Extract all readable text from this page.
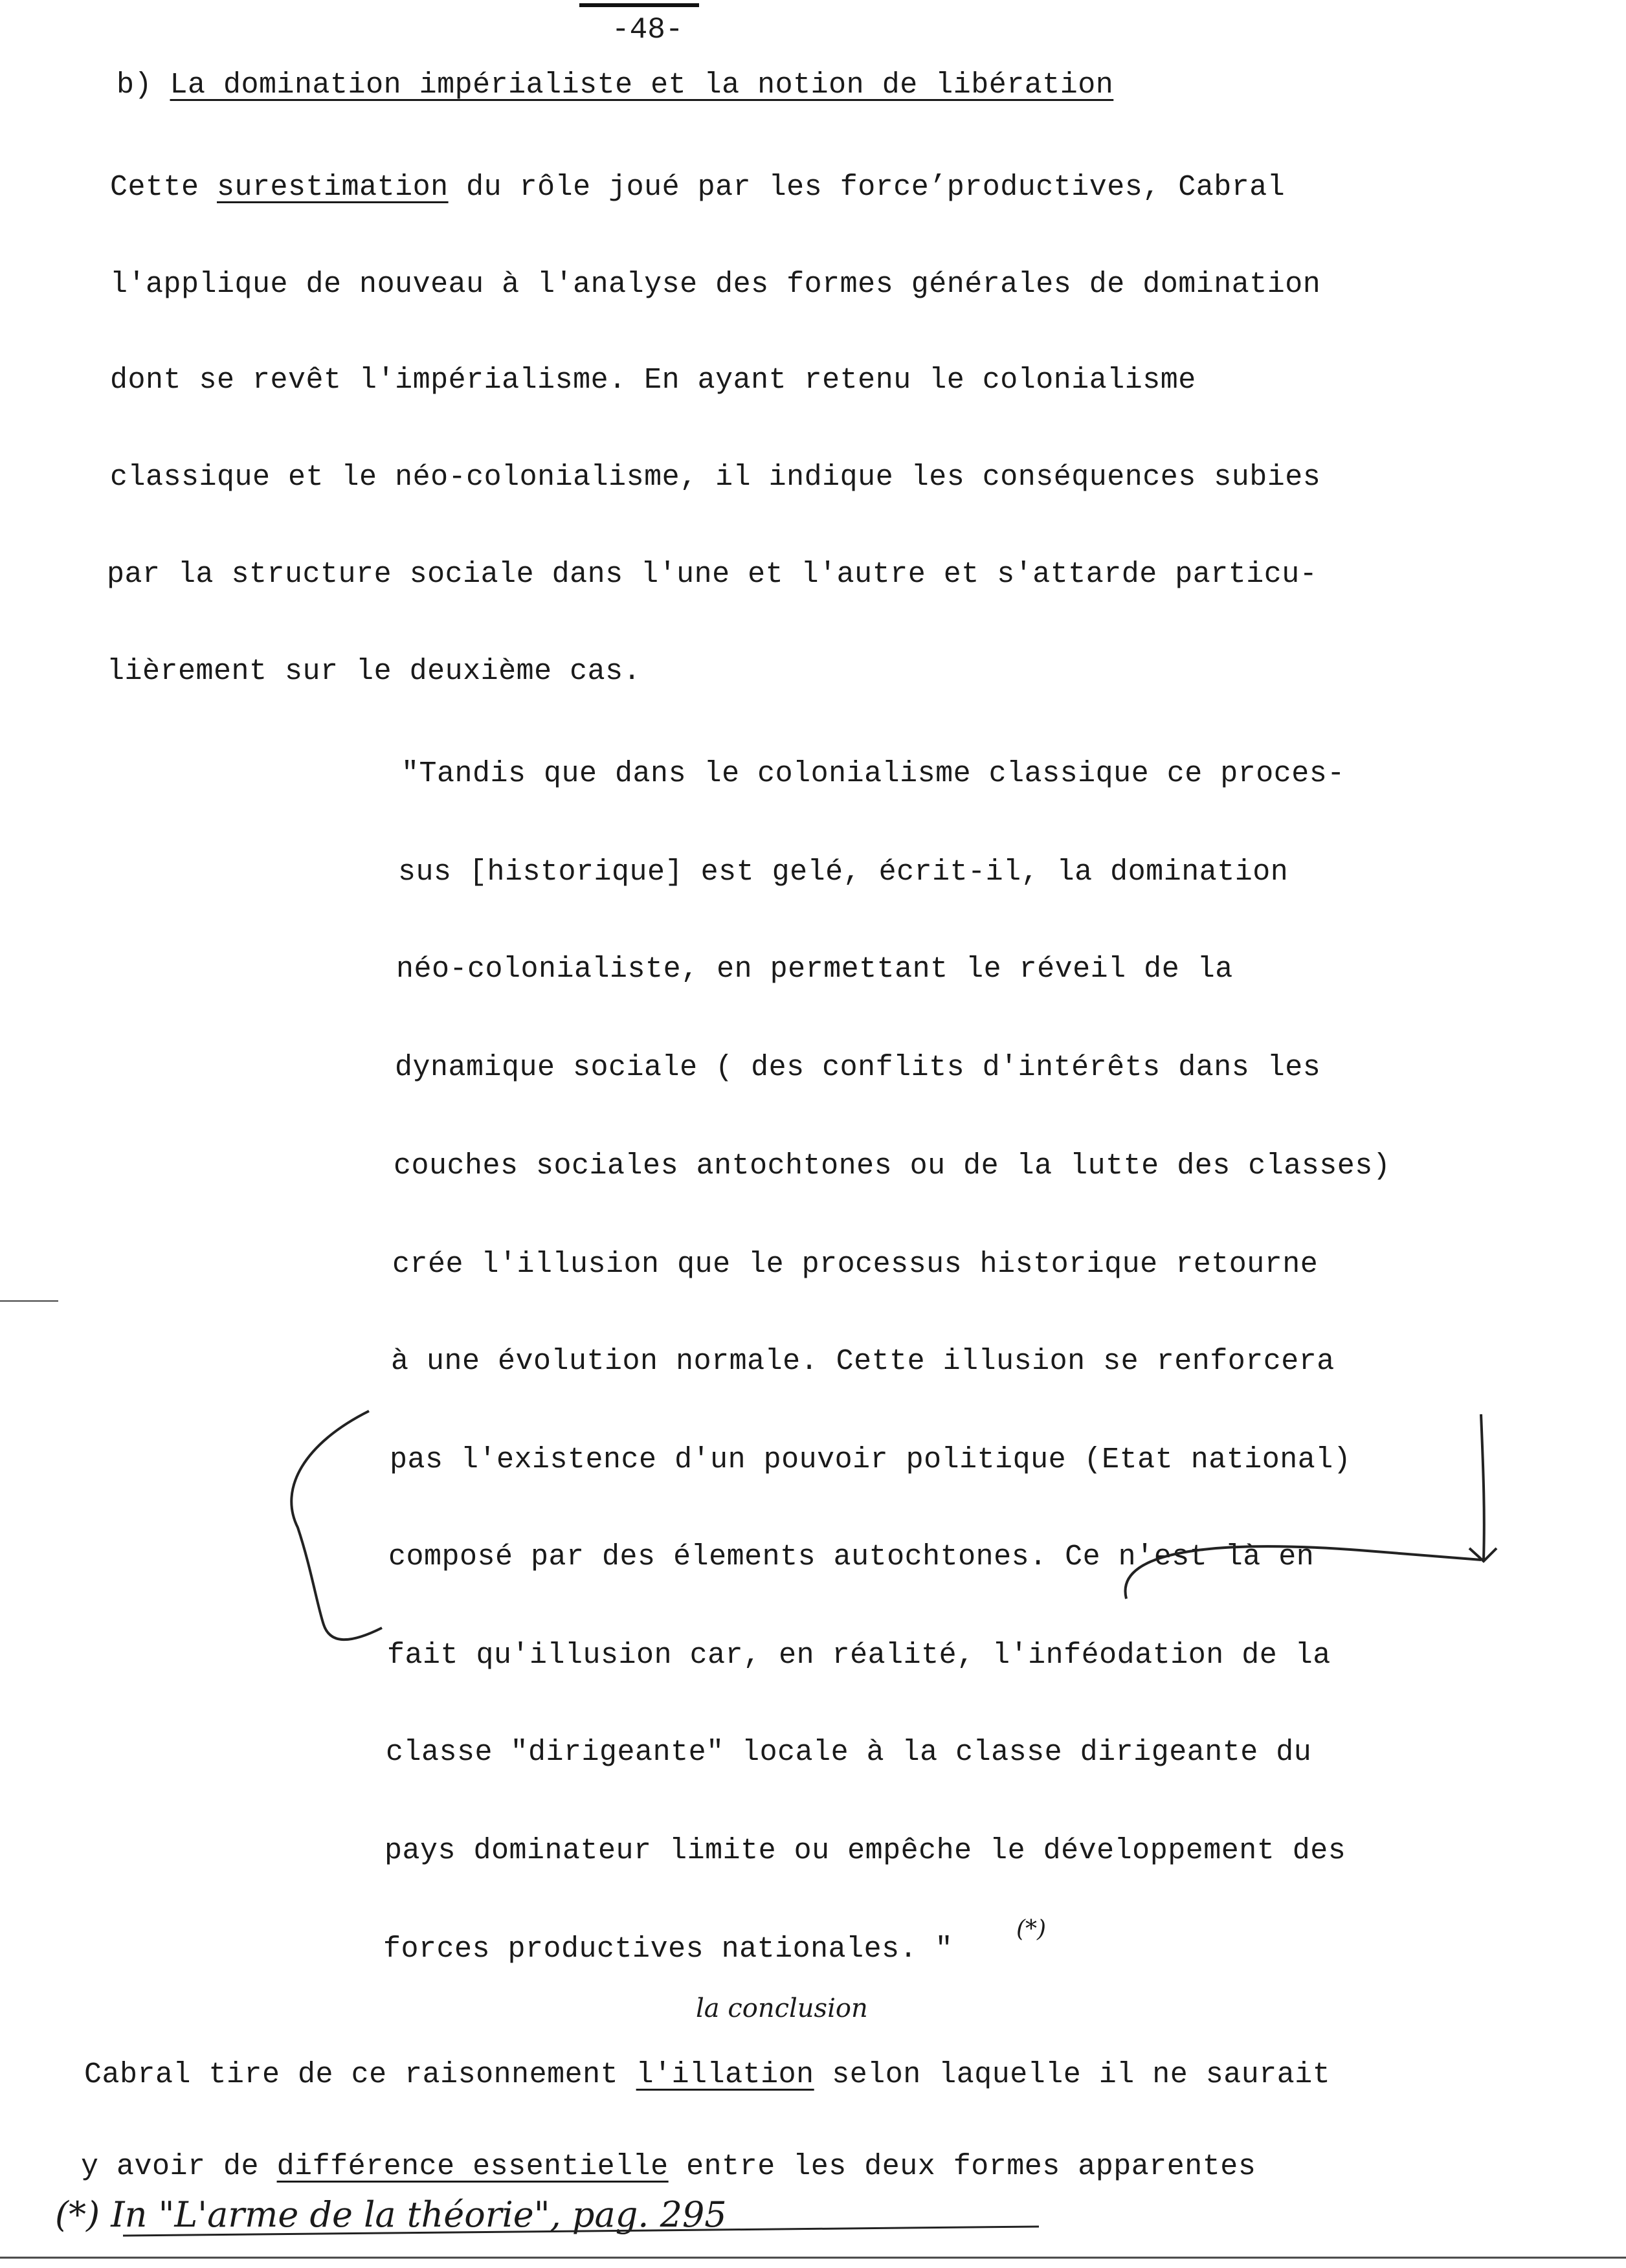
-48-
b) La domination impérialiste et la notion de libération
Cette surestimation du rôle joué par les force’productives, Cabral
l'applique de nouveau à l'analyse des formes générales de domination
dont se revêt l'impérialisme. En ayant retenu le colonialisme
classique et le néo-colonialisme, il indique les conséquences subies
par la structure sociale dans l'une et l'autre et s'attarde particu-
lièrement sur le deuxième cas.
"Tandis que dans le colonialisme classique ce proces-
sus [historique] est gelé, écrit-il, la domination
néo-colonialiste, en permettant le réveil de la
dynamique sociale ( des conflits d'intérêts dans les
couches sociales antochtones ou de la lutte des classes)
crée l'illusion que le processus historique retourne
à une évolution normale. Cette illusion se renforcera
pas l'existence d'un pouvoir politique (Etat national)
composé par des élements autochtones. Ce n'est là en
fait qu'illusion car, en réalité, l'inféodation de la
classe "dirigeante" locale à la classe dirigeante du
pays dominateur limite ou empêche le développement des
forces productives nationales. "
(*)
la conclusion
Cabral tire de ce raisonnement l'illation selon laquelle il ne saurait
y avoir de différence essentielle entre les deux formes apparentes
(*) In "L'arme de la théorie", pag. 295
